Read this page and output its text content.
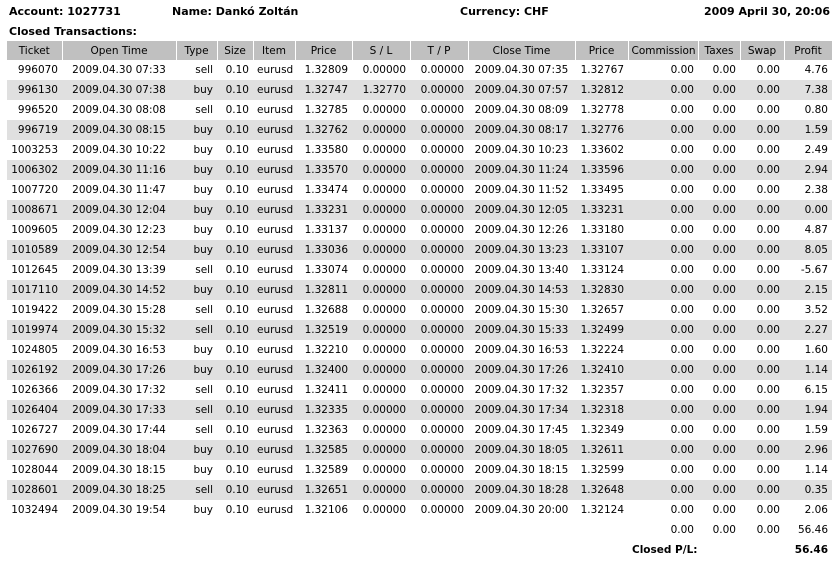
Account: 1027731	Name: Dankó Zoltán	Currency: CHF	2009 April 30, 20:06
Closed Transactions:
Ticket	Open Time	Type	Size	Item	Price	S / L	T / P	Close Time	Price	Commission	Taxes	Swap	Profit
996070	2009.04.30 07:33	sell	0.10	eurusd	1.32809	0.00000	0.00000	2009.04.30 07:35	1.32767	0.00	0.00	0.00	4.76
996130	2009.04.30 07:38	buy	0.10	eurusd	1.32747	1.32770	0.00000	2009.04.30 07:57	1.32812	0.00	0.00	0.00	7.38
996520	2009.04.30 08:08	sell	0.10	eurusd	1.32785	0.00000	0.00000	2009.04.30 08:09	1.32778	0.00	0.00	0.00	0.80
996719	2009.04.30 08:15	buy	0.10	eurusd	1.32762	0.00000	0.00000	2009.04.30 08:17	1.32776	0.00	0.00	0.00	1.59
1003253	2009.04.30 10:22	buy	0.10	eurusd	1.33580	0.00000	0.00000	2009.04.30 10:23	1.33602	0.00	0.00	0.00	2.49
1006302	2009.04.30 11:16	buy	0.10	eurusd	1.33570	0.00000	0.00000	2009.04.30 11:24	1.33596	0.00	0.00	0.00	2.94
1007720	2009.04.30 11:47	buy	0.10	eurusd	1.33474	0.00000	0.00000	2009.04.30 11:52	1.33495	0.00	0.00	0.00	2.38
1008671	2009.04.30 12:04	buy	0.10	eurusd	1.33231	0.00000	0.00000	2009.04.30 12:05	1.33231	0.00	0.00	0.00	0.00
1009605	2009.04.30 12:23	buy	0.10	eurusd	1.33137	0.00000	0.00000	2009.04.30 12:26	1.33180	0.00	0.00	0.00	4.87
1010589	2009.04.30 12:54	buy	0.10	eurusd	1.33036	0.00000	0.00000	2009.04.30 13:23	1.33107	0.00	0.00	0.00	8.05
1012645	2009.04.30 13:39	sell	0.10	eurusd	1.33074	0.00000	0.00000	2009.04.30 13:40	1.33124	0.00	0.00	0.00	-5.67
1017110	2009.04.30 14:52	buy	0.10	eurusd	1.32811	0.00000	0.00000	2009.04.30 14:53	1.32830	0.00	0.00	0.00	2.15
1019422	2009.04.30 15:28	sell	0.10	eurusd	1.32688	0.00000	0.00000	2009.04.30 15:30	1.32657	0.00	0.00	0.00	3.52
1019974	2009.04.30 15:32	sell	0.10	eurusd	1.32519	0.00000	0.00000	2009.04.30 15:33	1.32499	0.00	0.00	0.00	2.27
1024805	2009.04.30 16:53	buy	0.10	eurusd	1.32210	0.00000	0.00000	2009.04.30 16:53	1.32224	0.00	0.00	0.00	1.60
1026192	2009.04.30 17:26	buy	0.10	eurusd	1.32400	0.00000	0.00000	2009.04.30 17:26	1.32410	0.00	0.00	0.00	1.14
1026366	2009.04.30 17:32	sell	0.10	eurusd	1.32411	0.00000	0.00000	2009.04.30 17:32	1.32357	0.00	0.00	0.00	6.15
1026404	2009.04.30 17:33	sell	0.10	eurusd	1.32335	0.00000	0.00000	2009.04.30 17:34	1.32318	0.00	0.00	0.00	1.94
1026727	2009.04.30 17:44	sell	0.10	eurusd	1.32363	0.00000	0.00000	2009.04.30 17:45	1.32349	0.00	0.00	0.00	1.59
1027690	2009.04.30 18:04	buy	0.10	eurusd	1.32585	0.00000	0.00000	2009.04.30 18:05	1.32611	0.00	0.00	0.00	2.96
1028044	2009.04.30 18:15	buy	0.10	eurusd	1.32589	0.00000	0.00000	2009.04.30 18:15	1.32599	0.00	0.00	0.00	1.14
1028601	2009.04.30 18:25	sell	0.10	eurusd	1.32651	0.00000	0.00000	2009.04.30 18:28	1.32648	0.00	0.00	0.00	0.35
1032494	2009.04.30 19:54	buy	0.10	eurusd	1.32106	0.00000	0.00000	2009.04.30 20:00	1.32124	0.00	0.00	0.00	2.06
										0.00	0.00	0.00	56.46
										Closed P/L:			56.46
